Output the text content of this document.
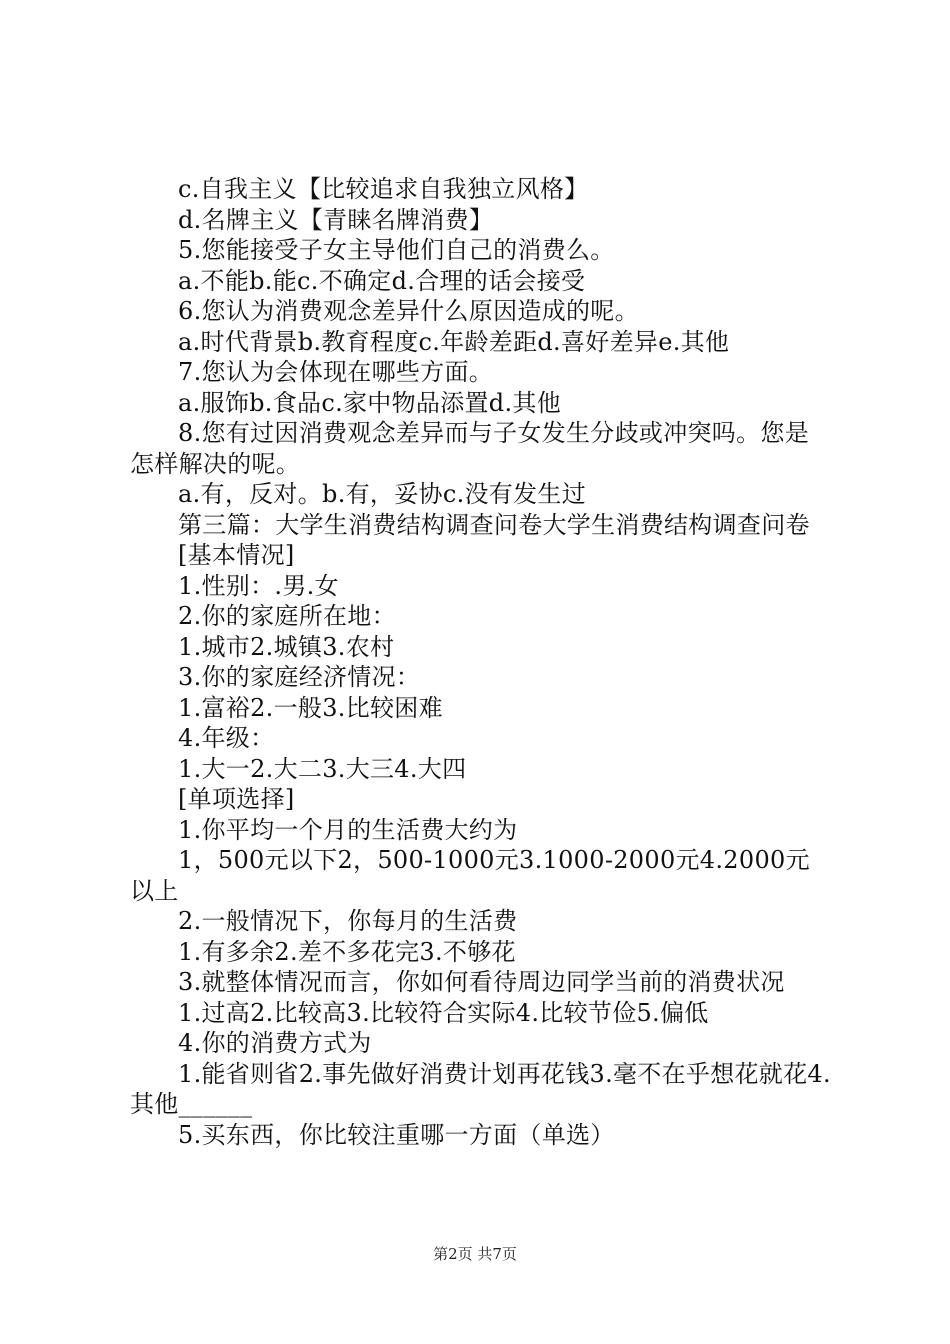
c.自我主义【比较追求自我独立风格】

d.名牌主义【青睐名牌消费】

5.您能接受子女主导他们自己的消费么。

a.不能b.能c.不确定d.合理的话会接受

6.您认为消费观念差异什么原因造成的呢。

a.时代背景b.教育程度c.年龄差距d.喜好差异e.其他

7.您认为会体现在哪些方面。

a.服饰b.食品c.家中物品添置d.其他

8.您有过因消费观念差异而与子女发生分歧或冲突吗。您是怎样解决的呢。

a.有，反对。b.有，妥协c.没有发生过

第三篇：大学生消费结构调查问卷大学生消费结构调查问卷

[基本情况]

1.性别：.男.女

2.你的家庭所在地：

1.城市2.城镇3.农村

3.你的家庭经济情况：

1.富裕2.一般3.比较困难

4.年级：

1.大一2.大二3.大三4.大四

[单项选择]

1.你平均一个月的生活费大约为

1，500元以下2，500-1000元3.1000-2000元4.2000元以上

2.一般情况下，你每月的生活费

1.有多余2.差不多花完3.不够花

3.就整体情况而言，你如何看待周边同学当前的消费状况

1.过高2.比较高3.比较符合实际4.比较节俭5.偏低

4.你的消费方式为

1.能省则省2.事先做好消费计划再花钱3.毫不在乎想花就花4.其他______

5.买东西，你比较注重哪一方面（单选）

第2页 共7页
